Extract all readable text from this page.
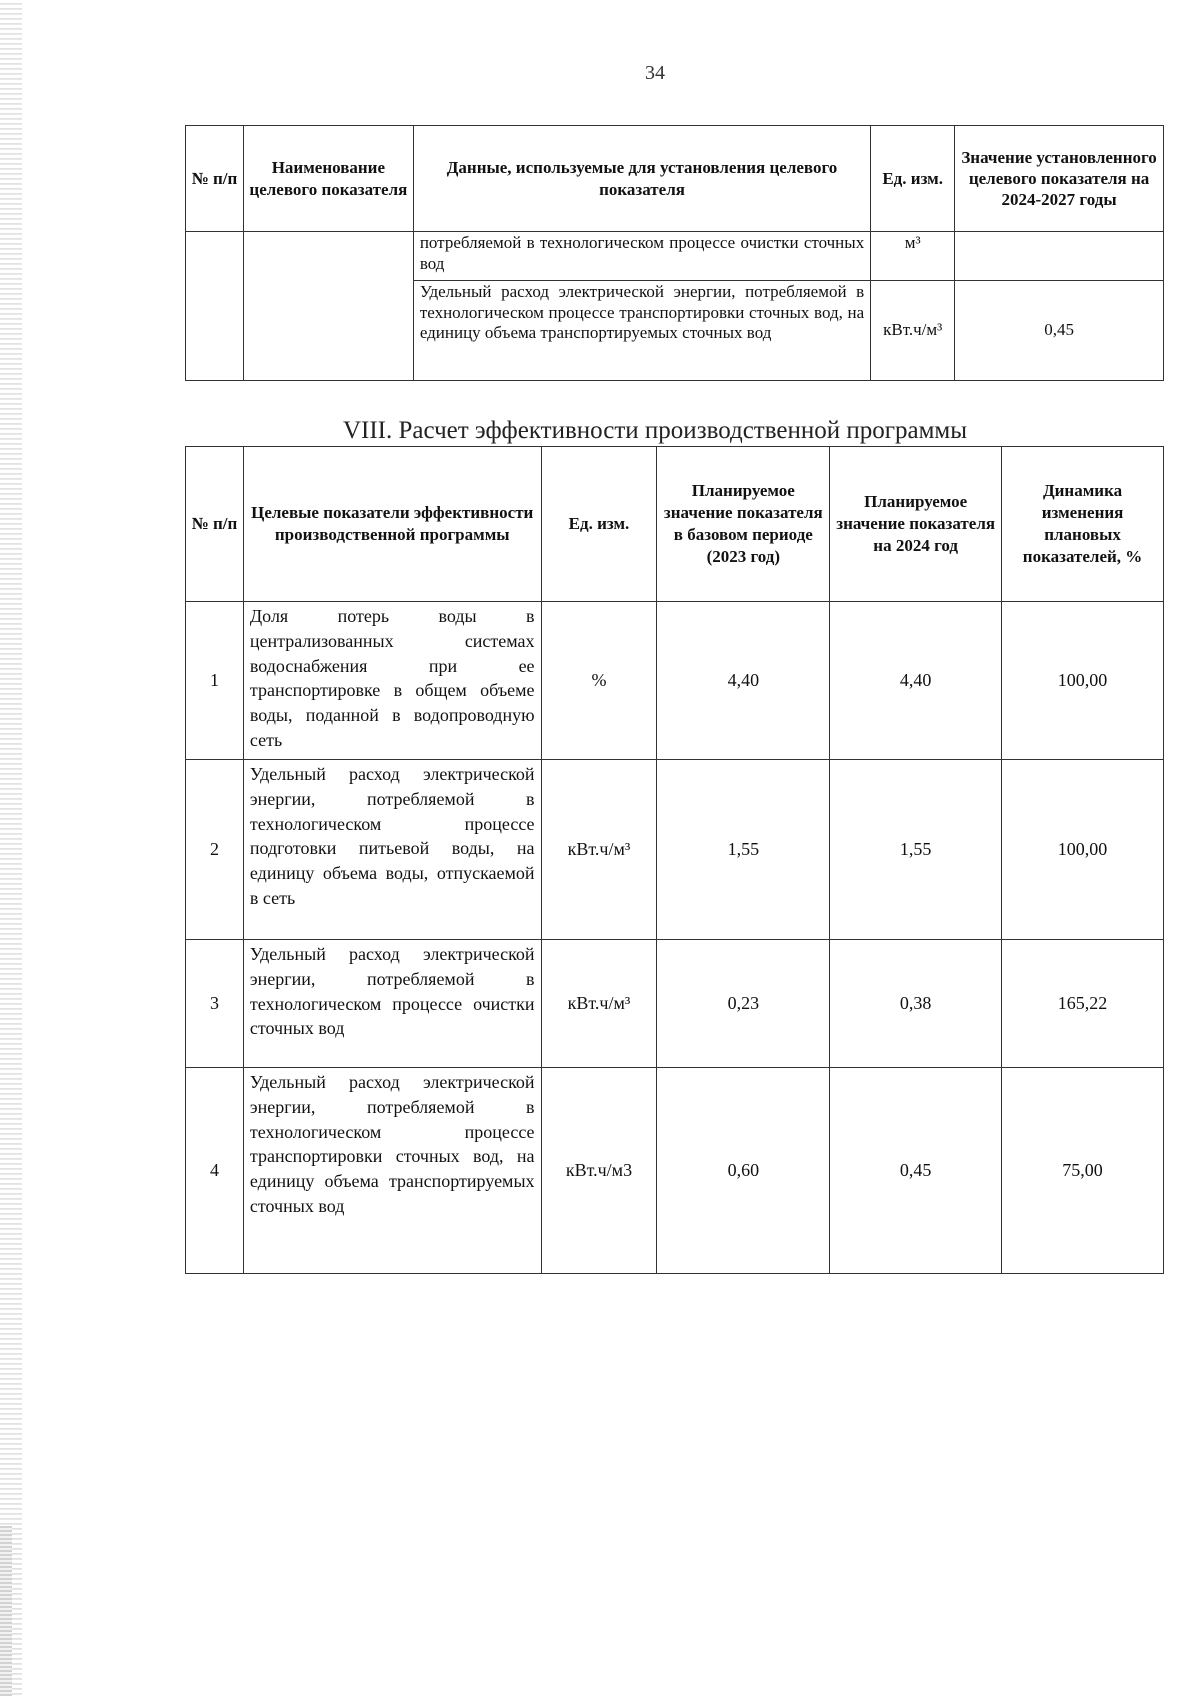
34
№ п/п	Наименование целевого показателя	Данные, используемые для установления целевого показателя	Ед. изм.	Значение установленного целевого показателя на 2024-2027 годы
		потребляемой в технологическом процессе очистки сточных вод	м³	
		Удельный расход электрической энергии, потребляемой в технологическом процессе транспортировки сточных вод, на единицу объема транспортируемых сточных вод	кВт.ч/м³	0,45
VIII. Расчет эффективности производственной программы
№ п/п	Целевые показатели эффективности производственной программы	Ед. изм.	Планируемое значение показателя в базовом периоде (2023 год)	Планируемое значение показателя на 2024 год	Динамика изменения плановых показателей, %
1	Доля потерь воды в централизованных системах водоснабжения при ее транспортировке в общем объеме воды, поданной в водопроводную сеть	%	4,40	4,40	100,00
2	Удельный расход электрической энергии, потребляемой в технологическом процессе подготовки питьевой воды, на единицу объема воды, отпускаемой в сеть	кВт.ч/м³	1,55	1,55	100,00
3	Удельный расход электрической энергии, потребляемой в технологическом процессе очистки сточных вод	кВт.ч/м³	0,23	0,38	165,22
4	Удельный расход электрической энергии, потребляемой в технологическом процессе транспортировки сточных вод, на единицу объема транспортируемых сточных вод	кВт.ч/м3	0,60	0,45	75,00
